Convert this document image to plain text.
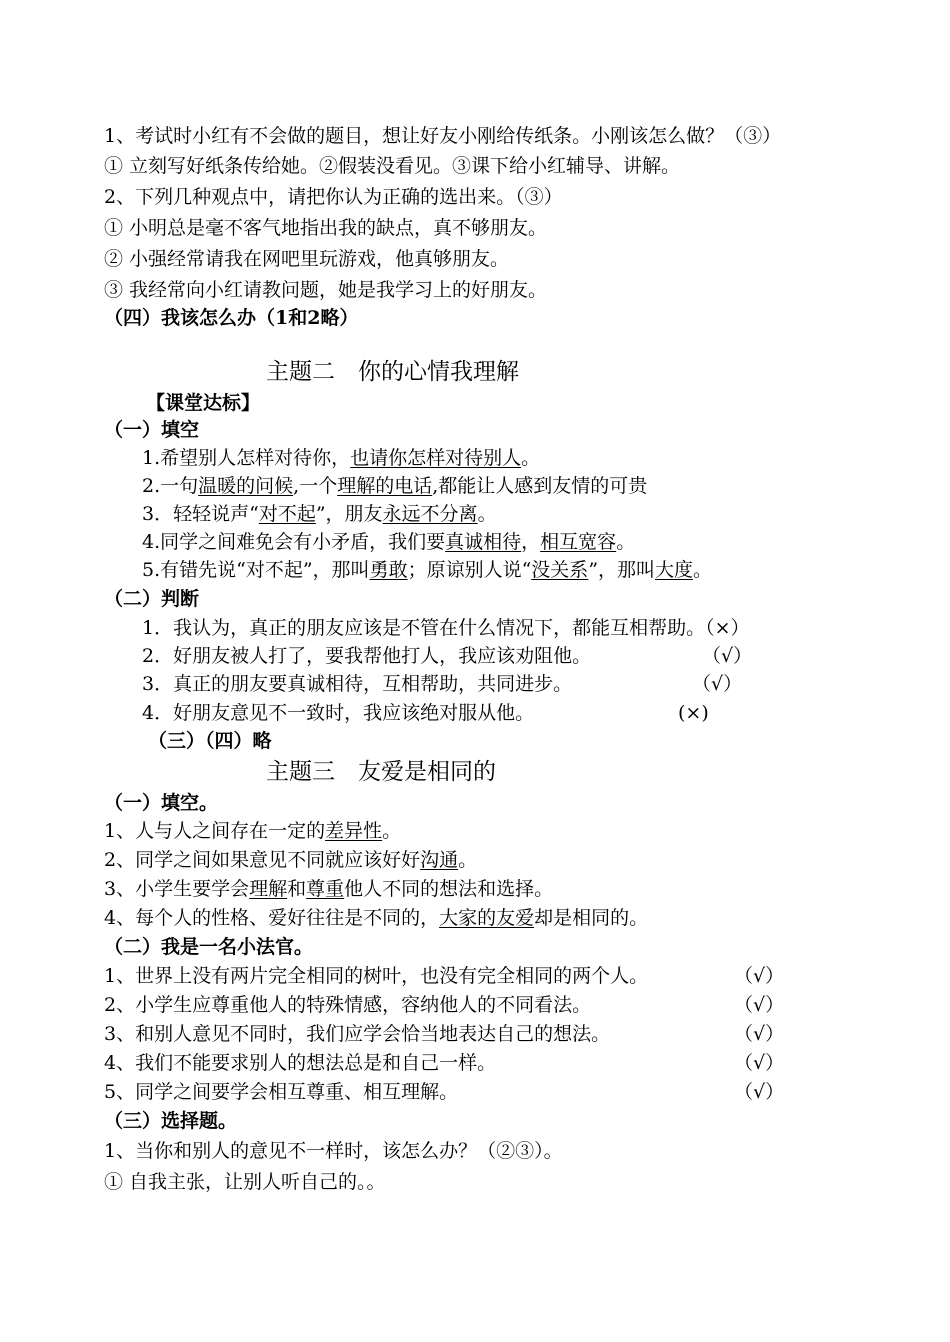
1、考试时小红有不会做的题目，想让好友小刚给传纸条。小刚该怎么做？（③）
① 立刻写好纸条传给她。②假装没看见。③课下给小红辅导、讲解。
2、下列几种观点中，请把你认为正确的选出来。（③）
① 小明总是毫不客气地指出我的缺点，真不够朋友。
② 小强经常请我在网吧里玩游戏，他真够朋友。
③ 我经常向小红请教问题，她是我学习上的好朋友。
（四）我该怎么办（1和2略）
主题二　你的心情我理解
【课堂达标】
（一）填空
1.希望别人怎样对待你，也请你怎样对待别人。
2.一句温暖的问候,一个理解的电话,都能让人感到友情的可贵
3．轻轻说声“对不起”，朋友永远不分离。
4.同学之间难免会有小矛盾，我们要真诚相待，相互宽容。
5.有错先说“对不起”，那叫勇敢；原谅别人说“没关系”，那叫大度。
（二）判断
1．我认为，真正的朋友应该是不管在什么情况下，都能互相帮助。（×）
2．好朋友被人打了，要我帮他打人，我应该劝阻他。	（√）
3．真正的朋友要真诚相待，互相帮助，共同进步。	（√）
4．好朋友意见不一致时，我应该绝对服从他。	(×)
（三）（四）略
主题三　友爱是相同的
（一）填空。
1、人与人之间存在一定的差异性。
2、同学之间如果意见不同就应该好好沟通。
3、小学生要学会理解和尊重他人不同的想法和选择。
4、每个人的性格、爱好往往是不同的，大家的友爱却是相同的。
（二）我是一名小法官。
1、世界上没有两片完全相同的树叶，也没有完全相同的两个人。	（√）
2、小学生应尊重他人的特殊情感，容纳他人的不同看法。	（√）
3、和别人意见不同时，我们应学会恰当地表达自己的想法。	（√）
4、我们不能要求别人的想法总是和自己一样。	（√）
5、同学之间要学会相互尊重、相互理解。	（√）
（三）选择题。
1、当你和别人的意见不一样时，该怎么办？（②③）。
① 自我主张，让别人听自己的。。
